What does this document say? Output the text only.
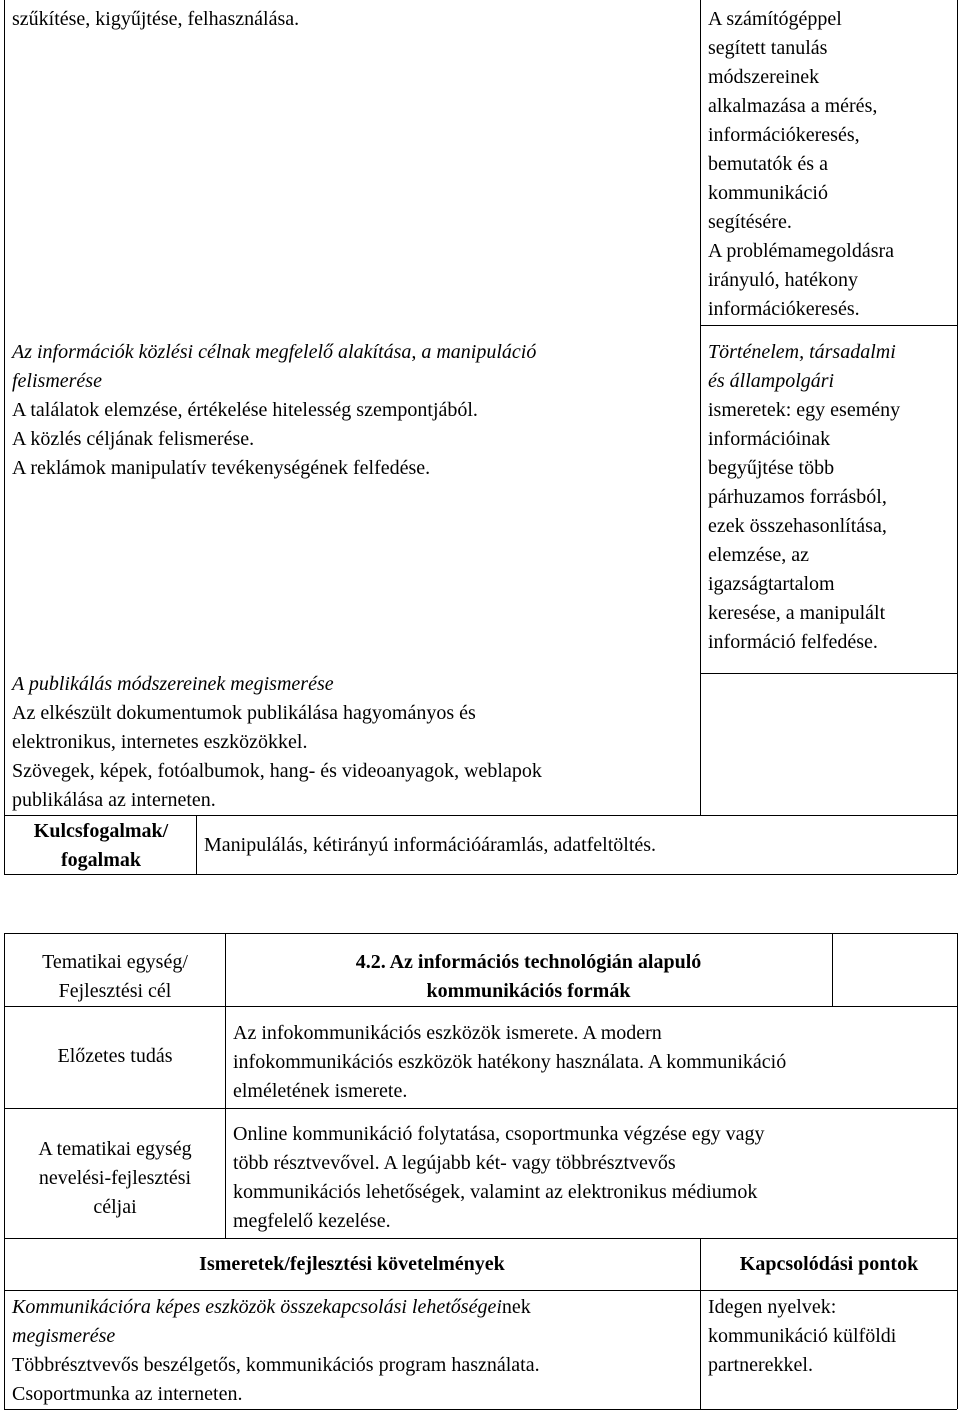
szűkítése, kigyűjtése, felhasználása.

Az információk közlési célnak megfelelő alakítása, a manipuláció

felismerése

A találatok elemzése, értékelése hitelesség szempontjából.

A közlés céljának felismerése.

A reklámok manipulatív tevékenységének felfedése.

A publikálás módszereinek megismerése

Az elkészült dokumentumok publikálása hagyományos és

elektronikus, internetes eszközökkel.

Szövegek, képek, fotóalbumok, hang- és videoanyagok, weblapok

publikálása az interneten.

A számítógéppel

segített tanulás

módszereinek

alkalmazása a mérés,

információkeresés,

bemutatók és a

kommunikáció

segítésére.

A problémamegoldásra

irányuló, hatékony

információkeresés.

Történelem, társadalmi

és állampolgári

ismeretek: egy esemény

információinak

begyűjtése több

párhuzamos forrásból,

ezek összehasonlítása,

elemzése, az

igazságtartalom

keresése, a manipulált

információ felfedése.

Kulcsfogalmak/

fogalmak

Manipulálás, kétirányú információáramlás, adatfeltöltés.

Tematikai egység/

Fejlesztési cél

4.2. Az információs technológián alapuló

kommunikációs formák

Előzetes tudás

Az infokommunikációs eszközök ismerete. A modern

infokommunikációs eszközök hatékony használata. A kommunikáció

elméletének ismerete.

A tematikai egység

nevelési-fejlesztési

céljai

Online kommunikáció folytatása, csoportmunka végzése egy vagy

több résztvevővel. A legújabb két- vagy többrésztvevős

kommunikációs lehetőségek, valamint az elektronikus médiumok

megfelelő kezelése.

Ismeretek/fejlesztési követelmények	Kapcsolódási pontok

Kommunikációra képes eszközök összekapcsolási lehetőségeinek

megismerése

Többrésztvevős beszélgetős, kommunikációs program használata.

Csoportmunka az interneten.

Idegen nyelvek:

kommunikáció külföldi

partnerekkel.
